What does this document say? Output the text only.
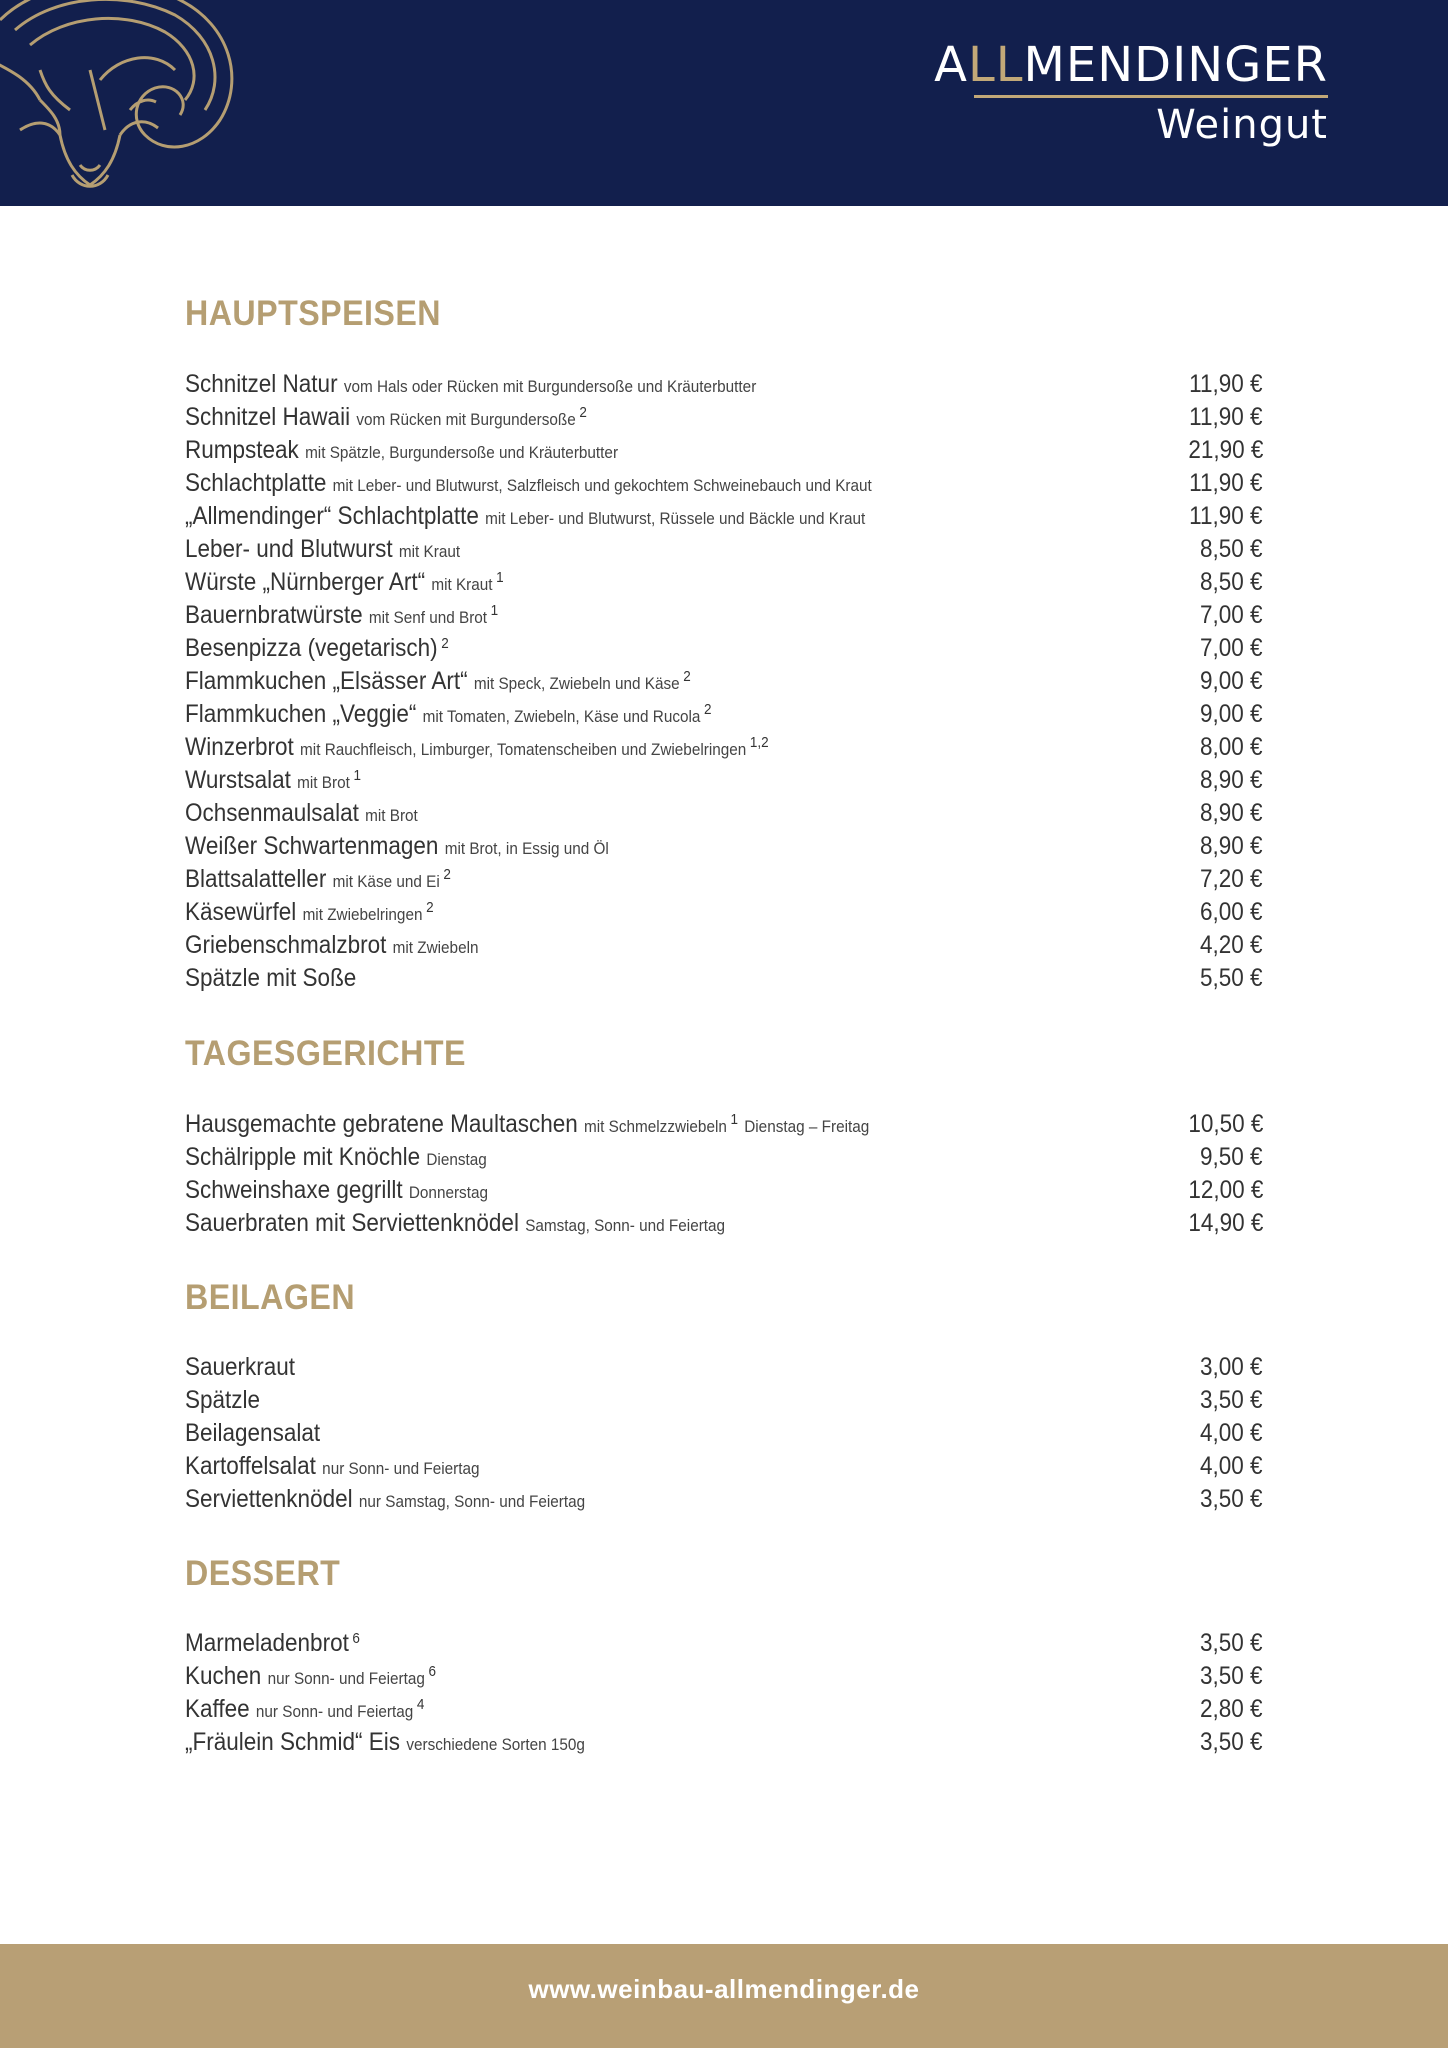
ALLMENDINGER
Weingut
HAUPTSPEISEN
Schnitzel Natur vom Hals oder Rücken mit Burgundersoße und Kräuterbutter	11,90 €
Schnitzel Hawaii vom Rücken mit Burgundersoße $^2$	11,90 €
Rumpsteak mit Spätzle, Burgundersoße und Kräuterbutter	21,90 €
Schlachtplatte mit Leber- und Blutwurst, Salzfleisch und gekochtem Schweinebauch und Kraut	11,90 €
„Allmendinger“ Schlachtplatte mit Leber- und Blutwurst, Rüssele und Bäckle und Kraut	11,90 €
Leber- und Blutwurst mit Kraut	8,50 €
Würste „Nürnberger Art“ mit Kraut $^1$	8,50 €
Bauernbratwürste mit Senf und Brot $^1$	7,00 €
Besenpizza (vegetarisch) $^2$	7,00 €
Flammkuchen „Elsässer Art“ mit Speck, Zwiebeln und Käse $^2$	9,00 €
Flammkuchen „Veggie“ mit Tomaten, Zwiebeln, Käse und Rucola $^2$	9,00 €
Winzerbrot mit Rauchfleisch, Limburger, Tomatenscheiben und Zwiebelringen $^{1,2}$	8,00 €
Wurstsalat mit Brot $^1$	8,90 €
Ochsenmaulsalat mit Brot	8,90 €
Weißer Schwartenmagen mit Brot, in Essig und Öl	8,90 €
Blattsalatteller mit Käse und Ei $^2$	7,20 €
Käsewürfel mit Zwiebelringen $^2$	6,00 €
Griebenschmalzbrot mit Zwiebeln	4,20 €
Spätzle mit Soße	5,50 €
TAGESGERICHTE
Hausgemachte gebratene Maultaschen mit Schmelzzwiebeln $^1$ Dienstag – Freitag	10,50 €
Schälripple mit Knöchle Dienstag	9,50 €
Schweinshaxe gegrillt Donnerstag	12,00 €
Sauerbraten mit Serviettenknödel Samstag, Sonn- und Feiertag	14,90 €
BEILAGEN
Sauerkraut	3,00 €
Spätzle	3,50 €
Beilagensalat	4,00 €
Kartoffelsalat nur Sonn- und Feiertag	4,00 €
Serviettenknödel nur Samstag, Sonn- und Feiertag	3,50 €
DESSERT
Marmeladenbrot $^6$	3,50 €
Kuchen nur Sonn- und Feiertag $^6$	3,50 €
Kaffee nur Sonn- und Feiertag $^4$	2,80 €
„Fräulein Schmid“ Eis verschiedene Sorten 150g	3,50 €
www.weinbau-allmendinger.de
